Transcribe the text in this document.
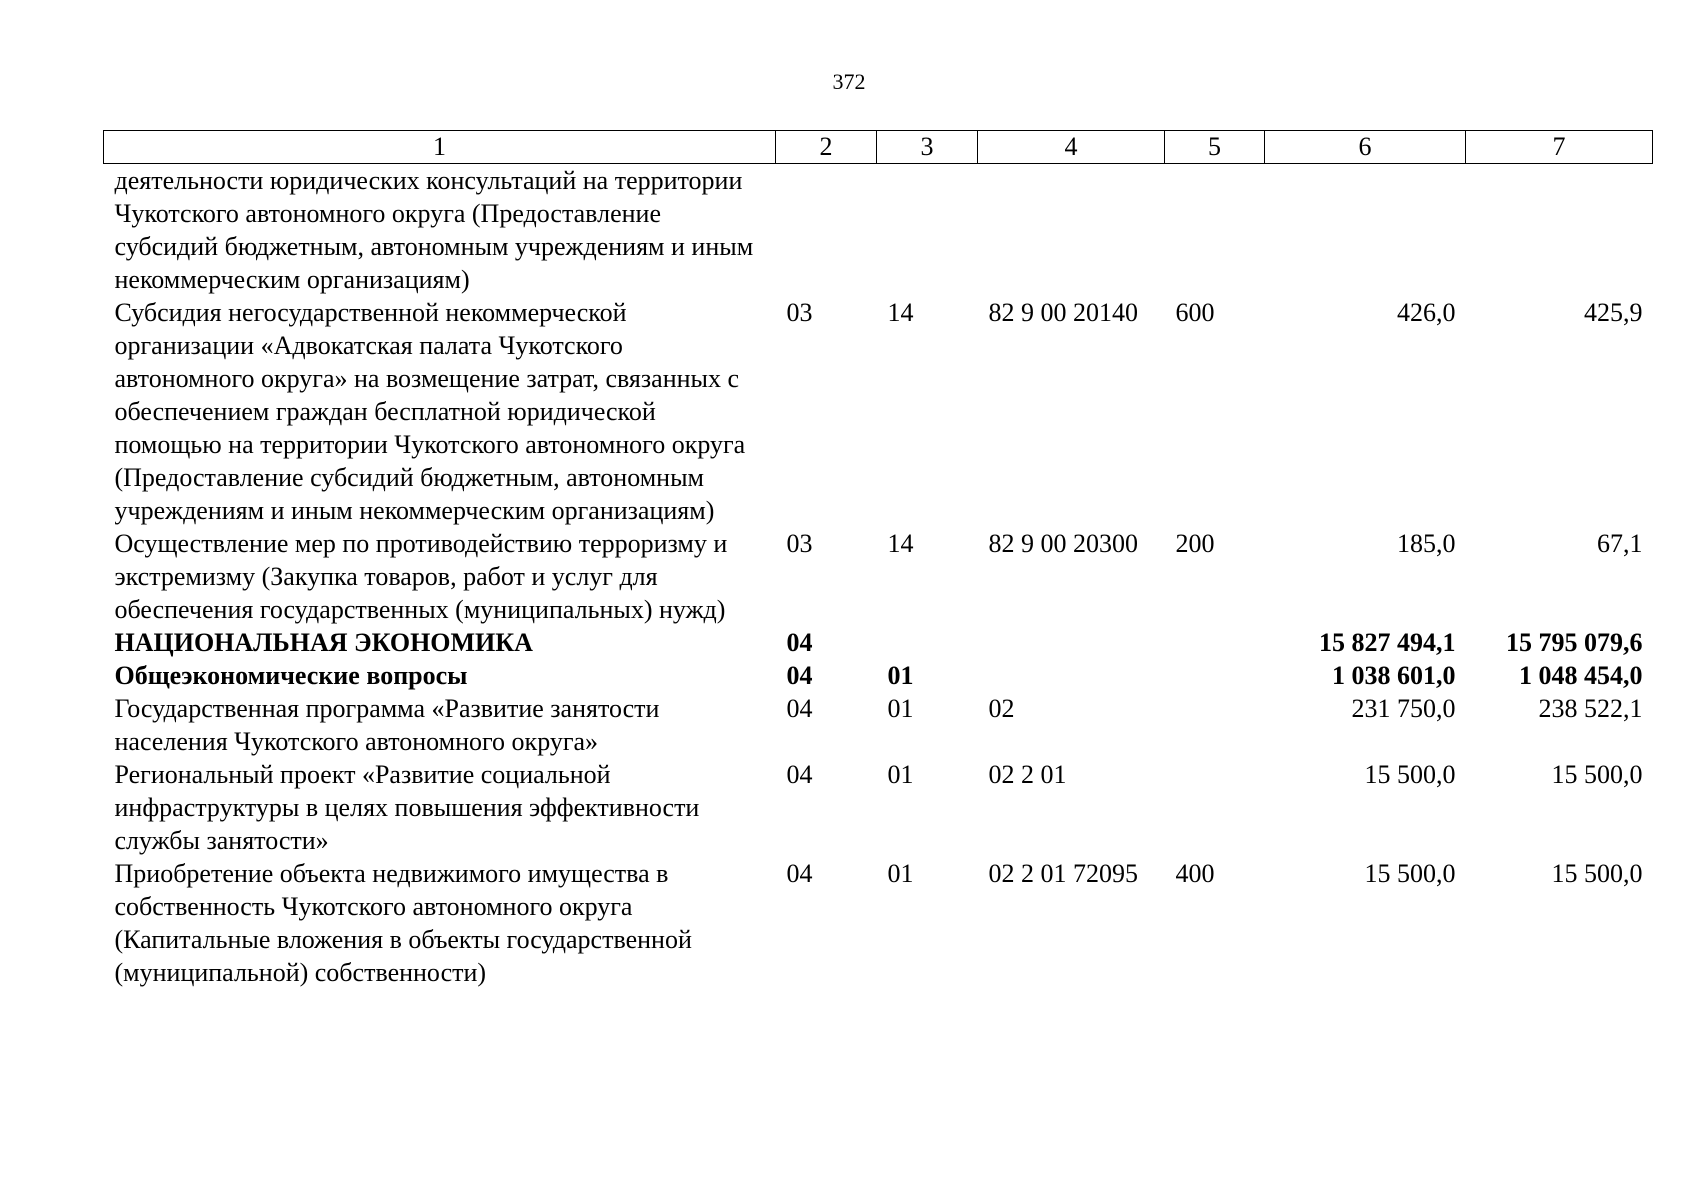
372
1	2	3	4	5	6	7
деятельности юридических консультаций на территории Чукотского автономного округа (Предоставление субсидий бюджетным, автономным учреждениям и иным некоммерческим организациям)						
Субсидия негосударственной некоммерческой организации «Адвокатская палата Чукотского автономного округа» на возмещение затрат, связанных с обеспечением граждан бесплатной юридической помощью на территории Чукотского автономного округа (Предоставление субсидий бюджетным, автономным учреждениям и иным некоммерческим организациям)	03	14	82 9 00 20140	600	426,0	425,9
Осуществление мер по противодействию терроризму и экстремизму (Закупка товаров, работ и услуг для обеспечения государственных (муниципальных) нужд)	03	14	82 9 00 20300	200	185,0	67,1
НАЦИОНАЛЬНАЯ ЭКОНОМИКА	04				15 827 494,1	15 795 079,6
Общеэкономические вопросы	04	01			1 038 601,0	1 048 454,0
Государственная программа «Развитие занятости населения Чукотского автономного округа»	04	01	02		231 750,0	238 522,1
Региональный проект «Развитие социальной инфраструктуры в целях повышения эффективности службы занятости»	04	01	02 2 01		15 500,0	15 500,0
Приобретение объекта недвижимого имущества в собственность Чукотского автономного округа (Капитальные вложения в объекты государственной (муниципальной) собственности)	04	01	02 2 01 72095	400	15 500,0	15 500,0
